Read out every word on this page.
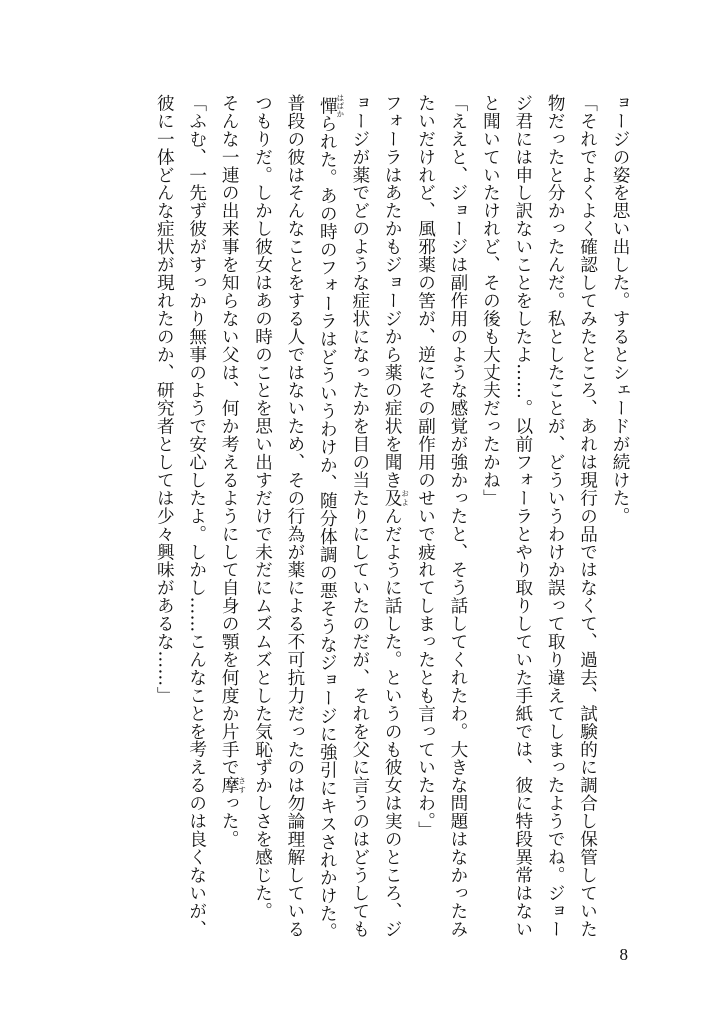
ョージの姿を思い出した。するとシェードが続けた。

「それでよくよく確認してみたところ、あれは現行の品ではなくて、過去、試験的に調合し保管していた物だったと分かったんだ。私としたことが、どういうわけか誤って取り違えてしまったようでね。ジョージ君には申し訳ないことをしたよ……。以前フォーラとやり取りしていた手紙では、彼に特段異常はないと聞いていたけれど、その後も大丈夫だったかね」

「ええと、ジョージは副作用のような感覚が強かったと、そう話してくれたわ。大きな問題はなかったみたいだけれど、風邪薬の筈が、逆にその副作用のせいで疲れてしまったとも言っていたわ。」

フォーラはあたかもジョージから薬の症状を聞き及およんだように話した。というのも彼女は実のところ、ジョージが薬でどのような症状になったかを目の当たりにしていたのだが、それを父に言うのはどうしても憚はばかられた。あの時のフォーラはどういうわけか、随分体調の悪そうなジョージに強引にキスされかけた。普段の彼はそんなことをする人ではないため、その行為が薬による不可抗力だったのは勿論理解しているつもりだ。しかし彼女はあの時のことを思い出すだけで未だにムズムズとした気恥ずかしさを感じた。

そんな一連の出来事を知らない父は、何か考えるようにして自身の顎を何度か片手で摩さすった。

「ふむ、一先ず彼がすっかり無事のようで安心したよ。しかし……こんなことを考えるのは良くないが、彼に一体どんな症状が現れたのか、研究者としては少々興味があるな……」

8
